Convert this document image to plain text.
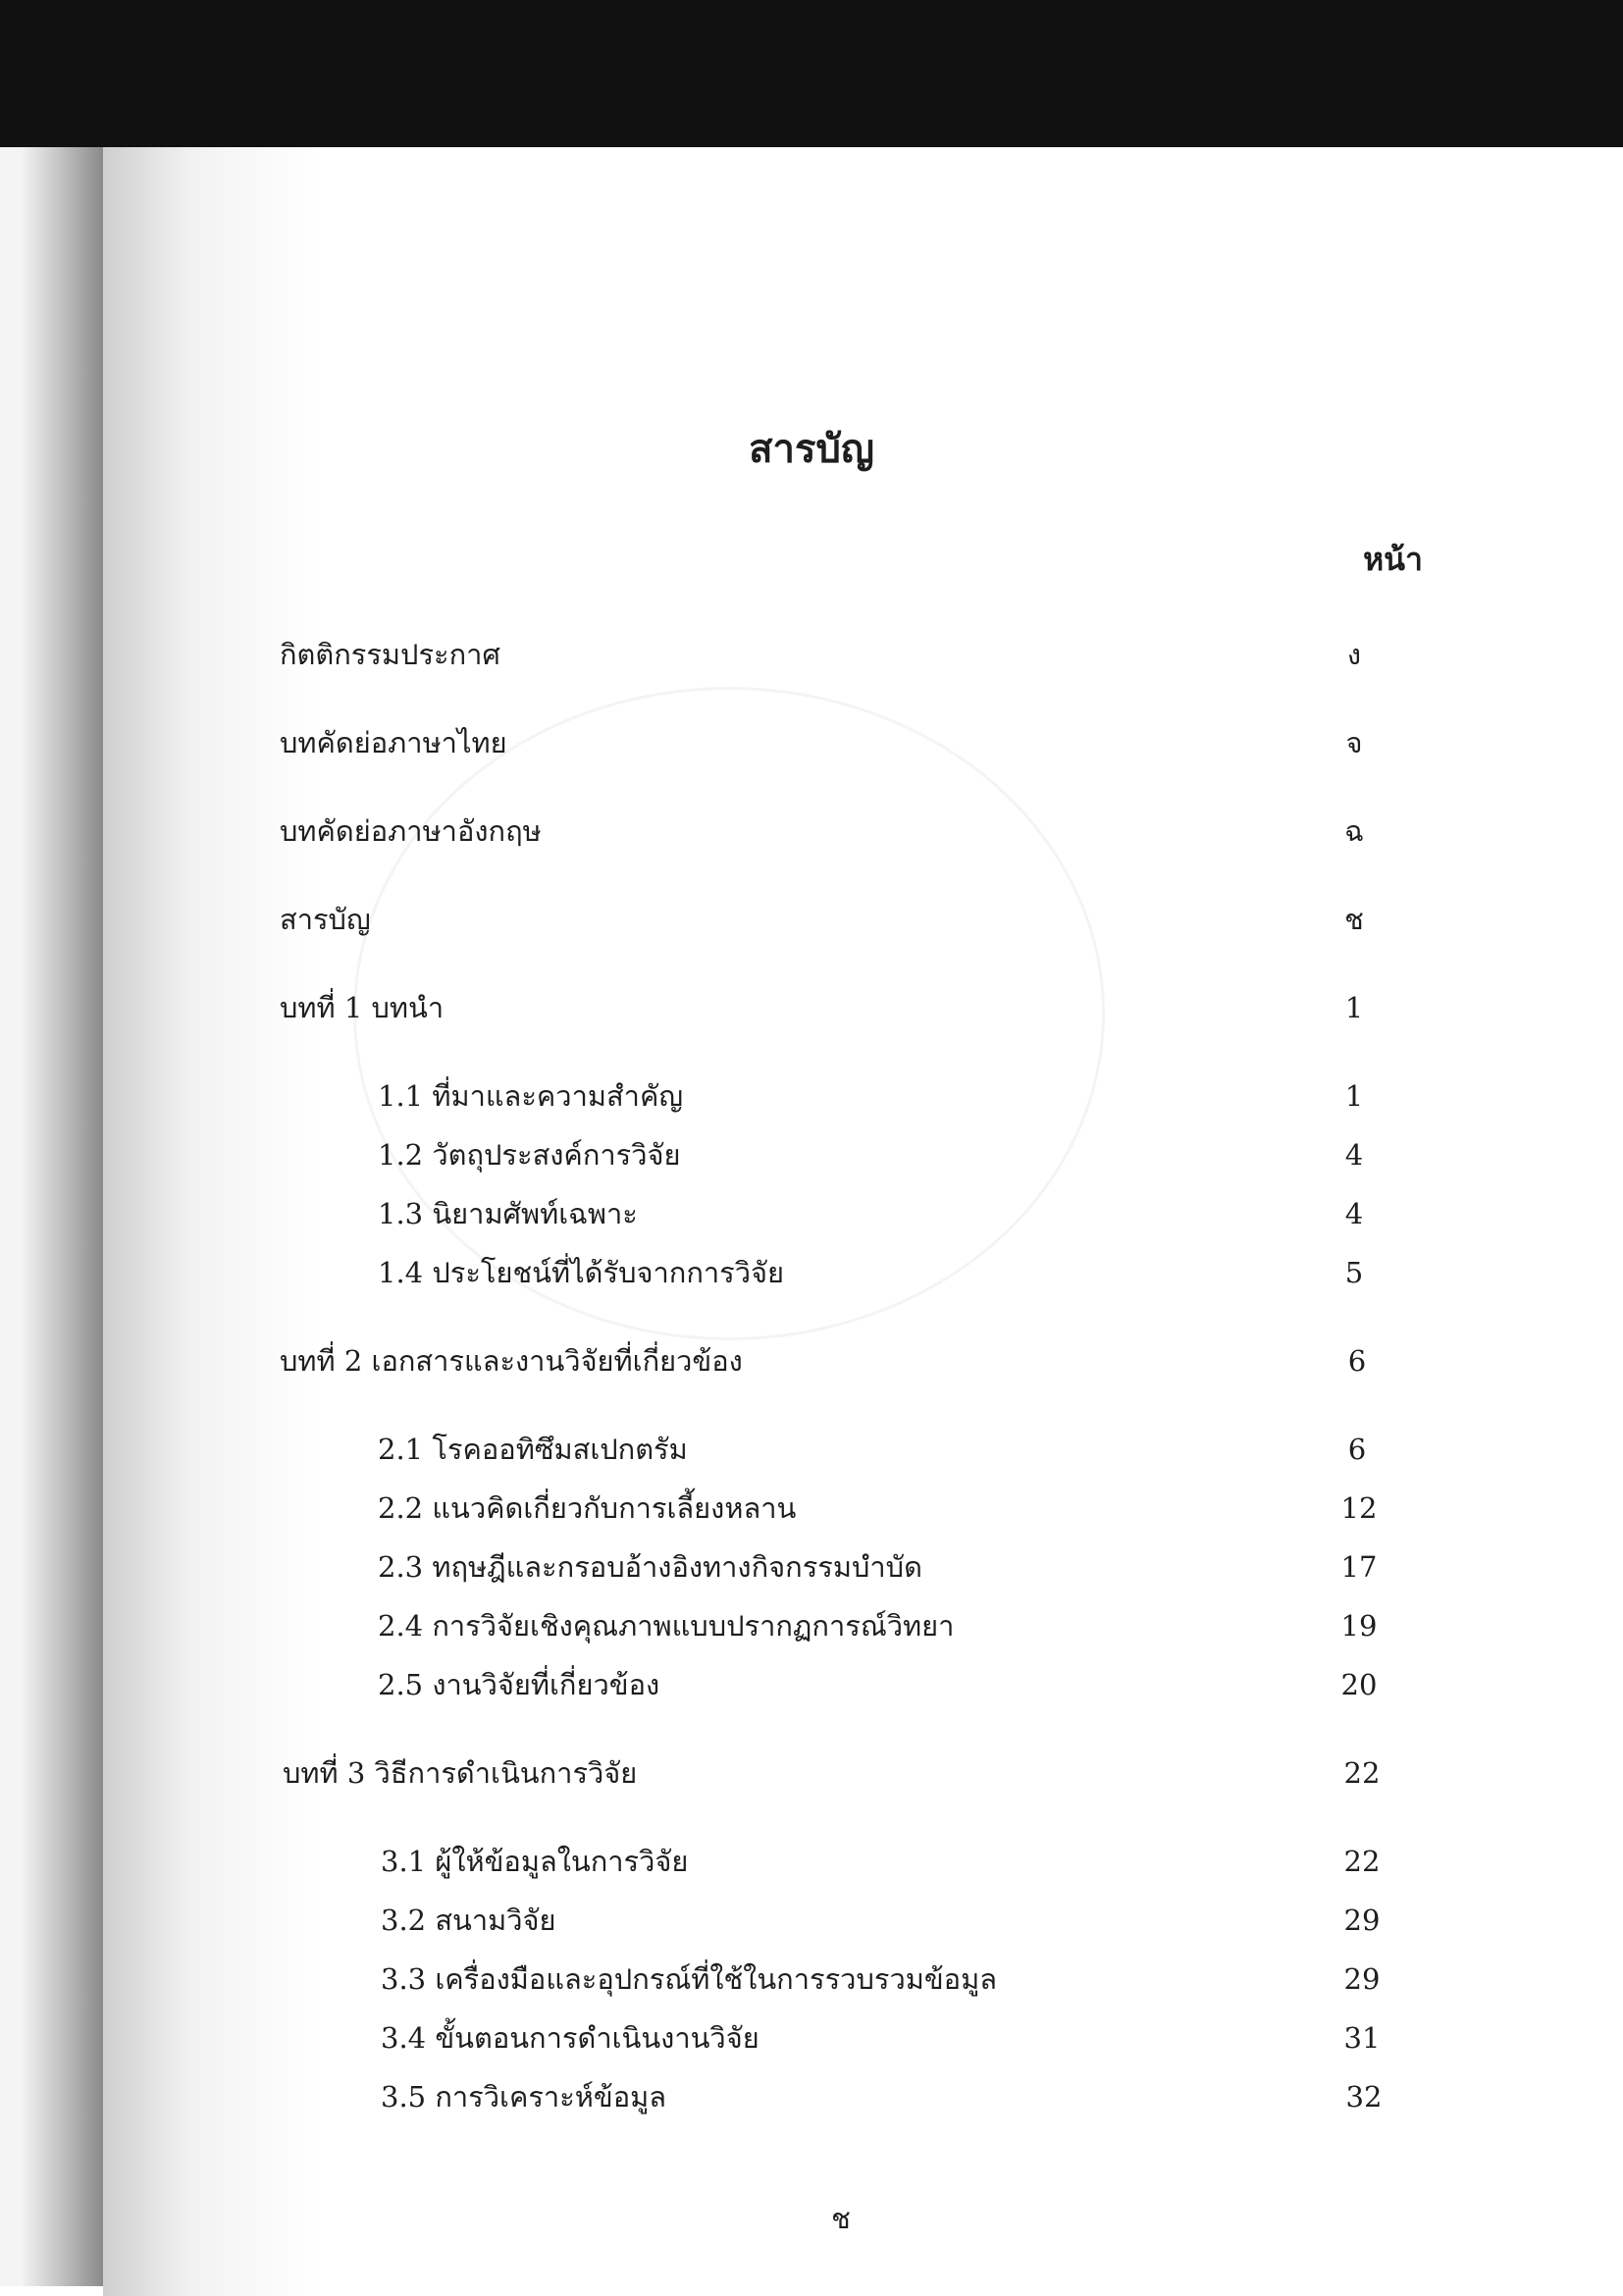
สารบัญ
หน้า
กิตติกรรมประกาศ	ง
บทคัดย่อภาษาไทย	จ
บทคัดย่อภาษาอังกฤษ	ฉ
สารบัญ	ช
บทที่ 1 บทนำ	1
1.1 ที่มาและความสำคัญ	1
1.2 วัตถุประสงค์การวิจัย	4
1.3 นิยามศัพท์เฉพาะ	4
1.4 ประโยชน์ที่ได้รับจากการวิจัย	5
บทที่ 2 เอกสารและงานวิจัยที่เกี่ยวข้อง	6
2.1 โรคออทิซึมสเปกตรัม	6
2.2 แนวคิดเกี่ยวกับการเลี้ยงหลาน	12
2.3 ทฤษฎีและกรอบอ้างอิงทางกิจกรรมบำบัด	17
2.4 การวิจัยเชิงคุณภาพแบบปรากฏการณ์วิทยา	19
2.5 งานวิจัยที่เกี่ยวข้อง	20
บทที่ 3 วิธีการดำเนินการวิจัย	22
3.1 ผู้ให้ข้อมูลในการวิจัย	22
3.2 สนามวิจัย	29
3.3 เครื่องมือและอุปกรณ์ที่ใช้ในการรวบรวมข้อมูล	29
3.4 ขั้นตอนการดำเนินงานวิจัย	31
3.5 การวิเคราะห์ข้อมูล	32
ช
